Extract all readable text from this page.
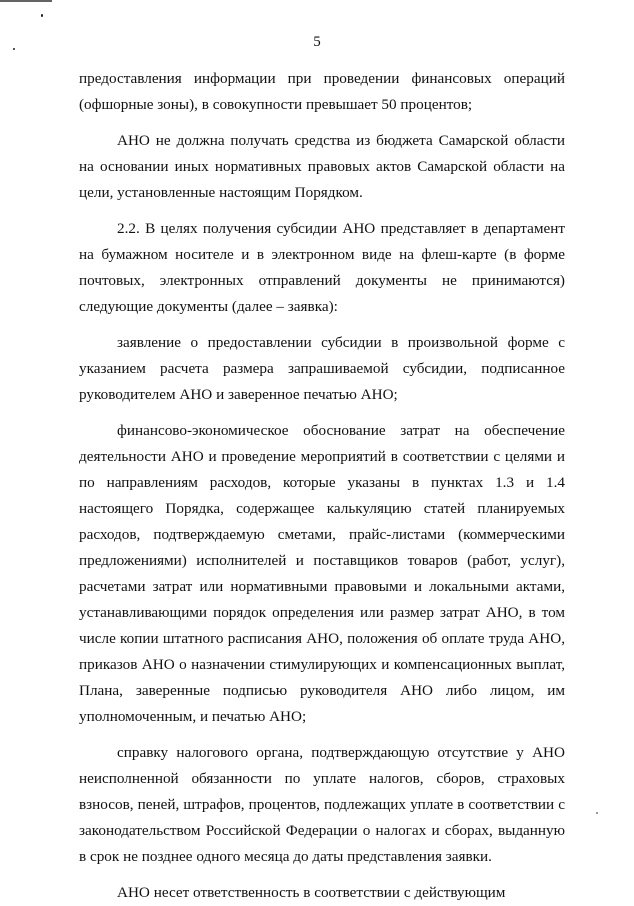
5

предоставления информации при проведении финансовых операций (офшорные зоны), в совокупности превышает 50 процентов;

АНО не должна получать средства из бюджета Самарской области на основании иных нормативных правовых актов Самарской области на цели, установленные настоящим Порядком.

2.2. В целях получения субсидии АНО представляет в департамент на бумажном носителе и в электронном виде на флеш-карте (в форме почтовых, электронных отправлений документы не принимаются) следующие документы (далее – заявка):

заявление о предоставлении субсидии в произвольной форме с указанием расчета размера запрашиваемой субсидии, подписанное руководителем АНО и заверенное печатью АНО;

финансово-экономическое обоснование затрат на обеспечение деятельности АНО и проведение мероприятий в соответствии с целями и по направлениям расходов, которые указаны в пунктах 1.3 и 1.4 настоящего Порядка, содержащее калькуляцию статей планируемых расходов, подтверждаемую сметами, прайс-листами (коммерческими предложениями) исполнителей и поставщиков товаров (работ, услуг), расчетами затрат или нормативными правовыми и локальными актами, устанавливающими порядок определения или размер затрат АНО, в том числе копии штатного расписания АНО, положения об оплате труда АНО, приказов АНО о назначении стимулирующих и компенсационных выплат, Плана, заверенные подписью руководителя АНО либо лицом, им уполномоченным, и печатью АНО;

справку налогового органа, подтверждающую отсутствие у АНО неисполненной обязанности по уплате налогов, сборов, страховых взносов, пеней, штрафов, процентов, подлежащих уплате в соответствии с законодательством Российской Федерации о налогах и сборах, выданную в срок не позднее одного месяца до даты представления заявки.

АНО несет ответственность в соответствии с действующим
